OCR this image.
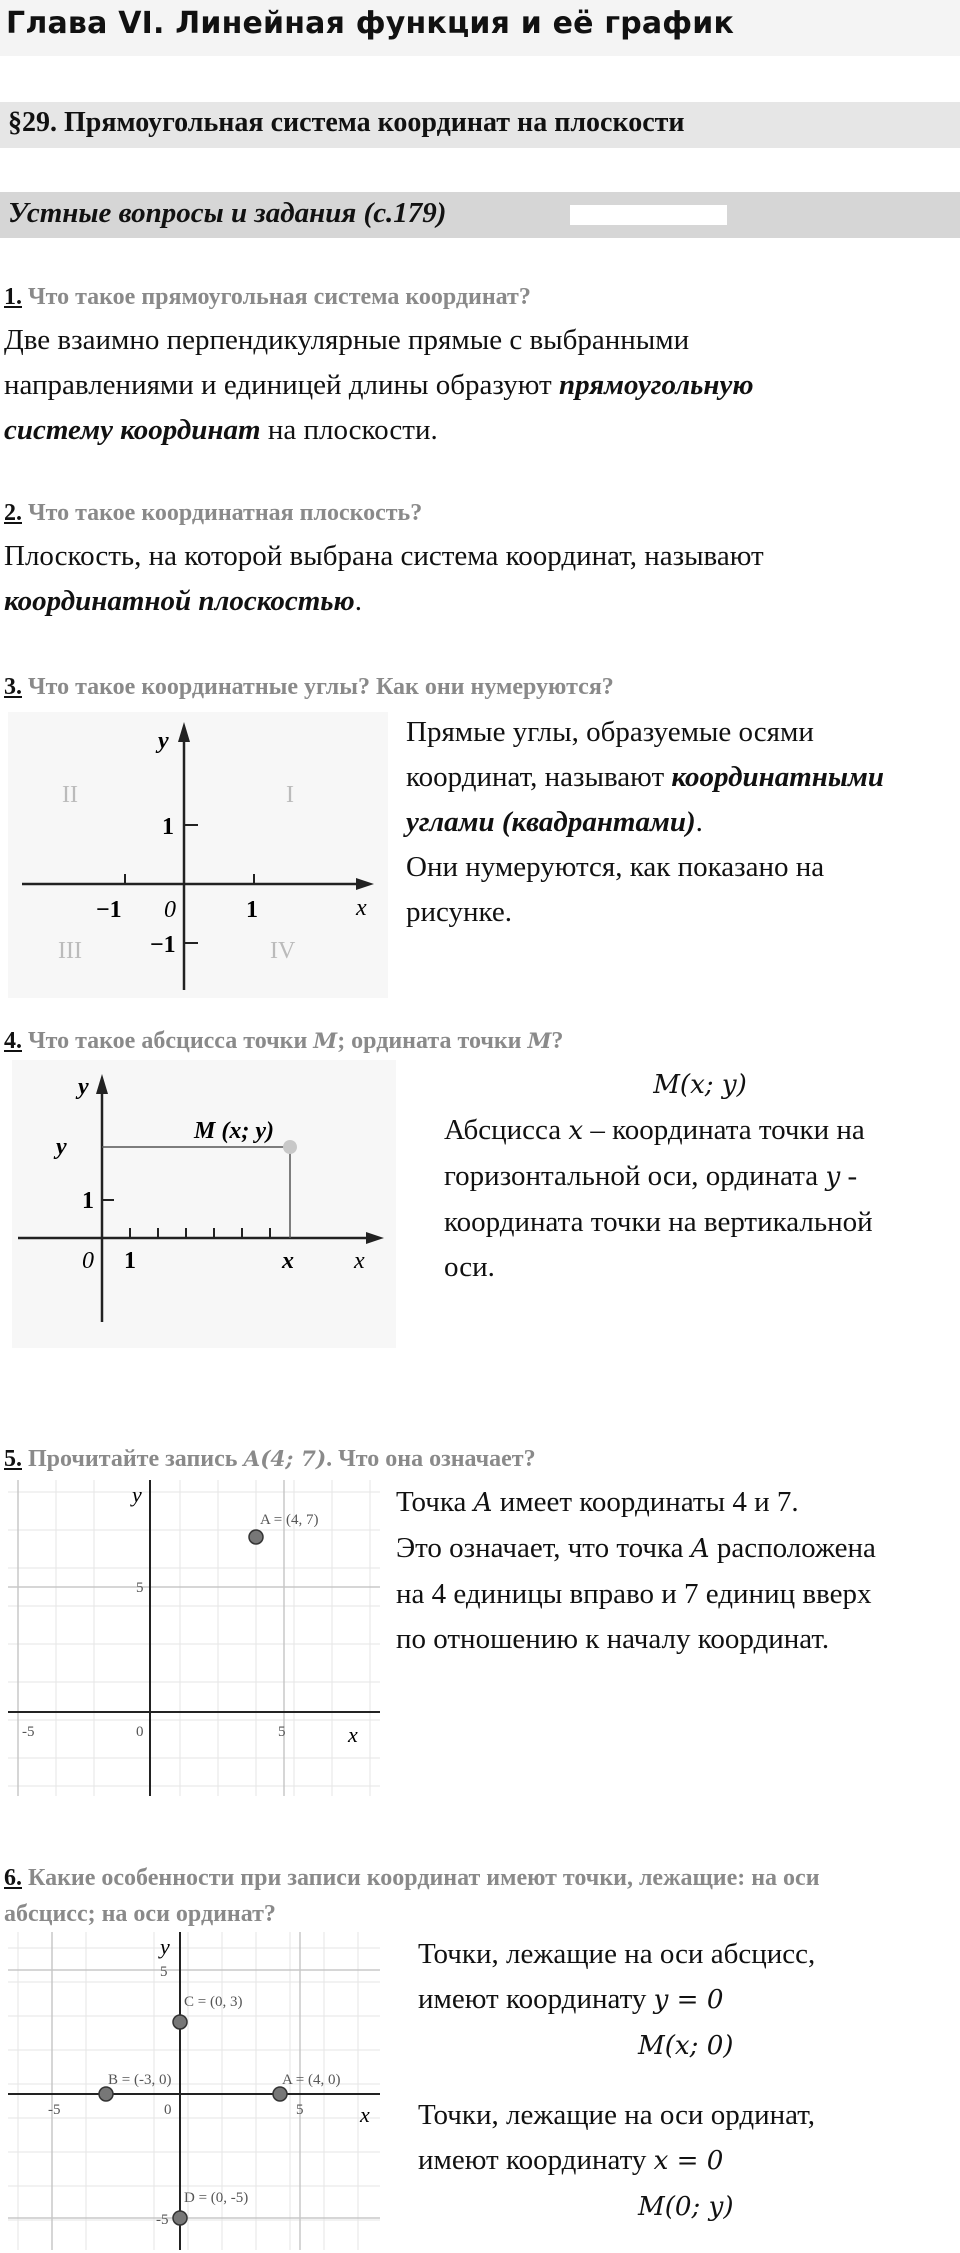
Глава VI. Линейная функция и её график
§29. Прямоугольная система координат на плоскости
Устные вопросы и задания (с.179)
1. Что такое прямоугольная система координат?
Две взаимно перпендикулярные прямые с выбранными
направлениями и единицей длины образуют прямоугольную
систему координат на плоскости.
2. Что такое координатная плоскость?
Плоскость, на которой выбрана система координат, называют
координатной плоскостью.
3. Что такое координатные углы? Как они нумеруются?
I
II
III	IV
1
−1 0	1
−1
x
y	Прямые углы, образуемые осями
координат, называют координатными
углами (квадрантами).
Они нумеруются, как показано на
рисунке.
4. Что такое абсцисса точки M; ордината точки M?
M (x; y)
y
1
0 1	x	x
y	M(x; y)
Абсцисса x – координата точки на
горизонтальной оси, ордината y -
координата точки на вертикальной
оси.
5. Прочитайте запись A(4; 7). Что она означает?
A = (4, 7)
5
-5	0	5	x
y	Точка A имеет координаты 4 и 7.
Это означает, что точка A расположена
на 4 единицы вправо и 7 единиц вверх
по отношению к началу координат.
6. Какие особенности при записи координат имеют точки, лежащие: на оси
абсцисс; на оси ординат?
C = (0, 3)
B = (-3, 0)	A = (4, 0)
D = (0, -5)
5
-5	0	5
-5
x
y	Точки, лежащие на оси абсцисс,
имеют координату y = 0
M(x; 0)
Точки, лежащие на оси ординат,
имеют координату x = 0
M(0; y)
